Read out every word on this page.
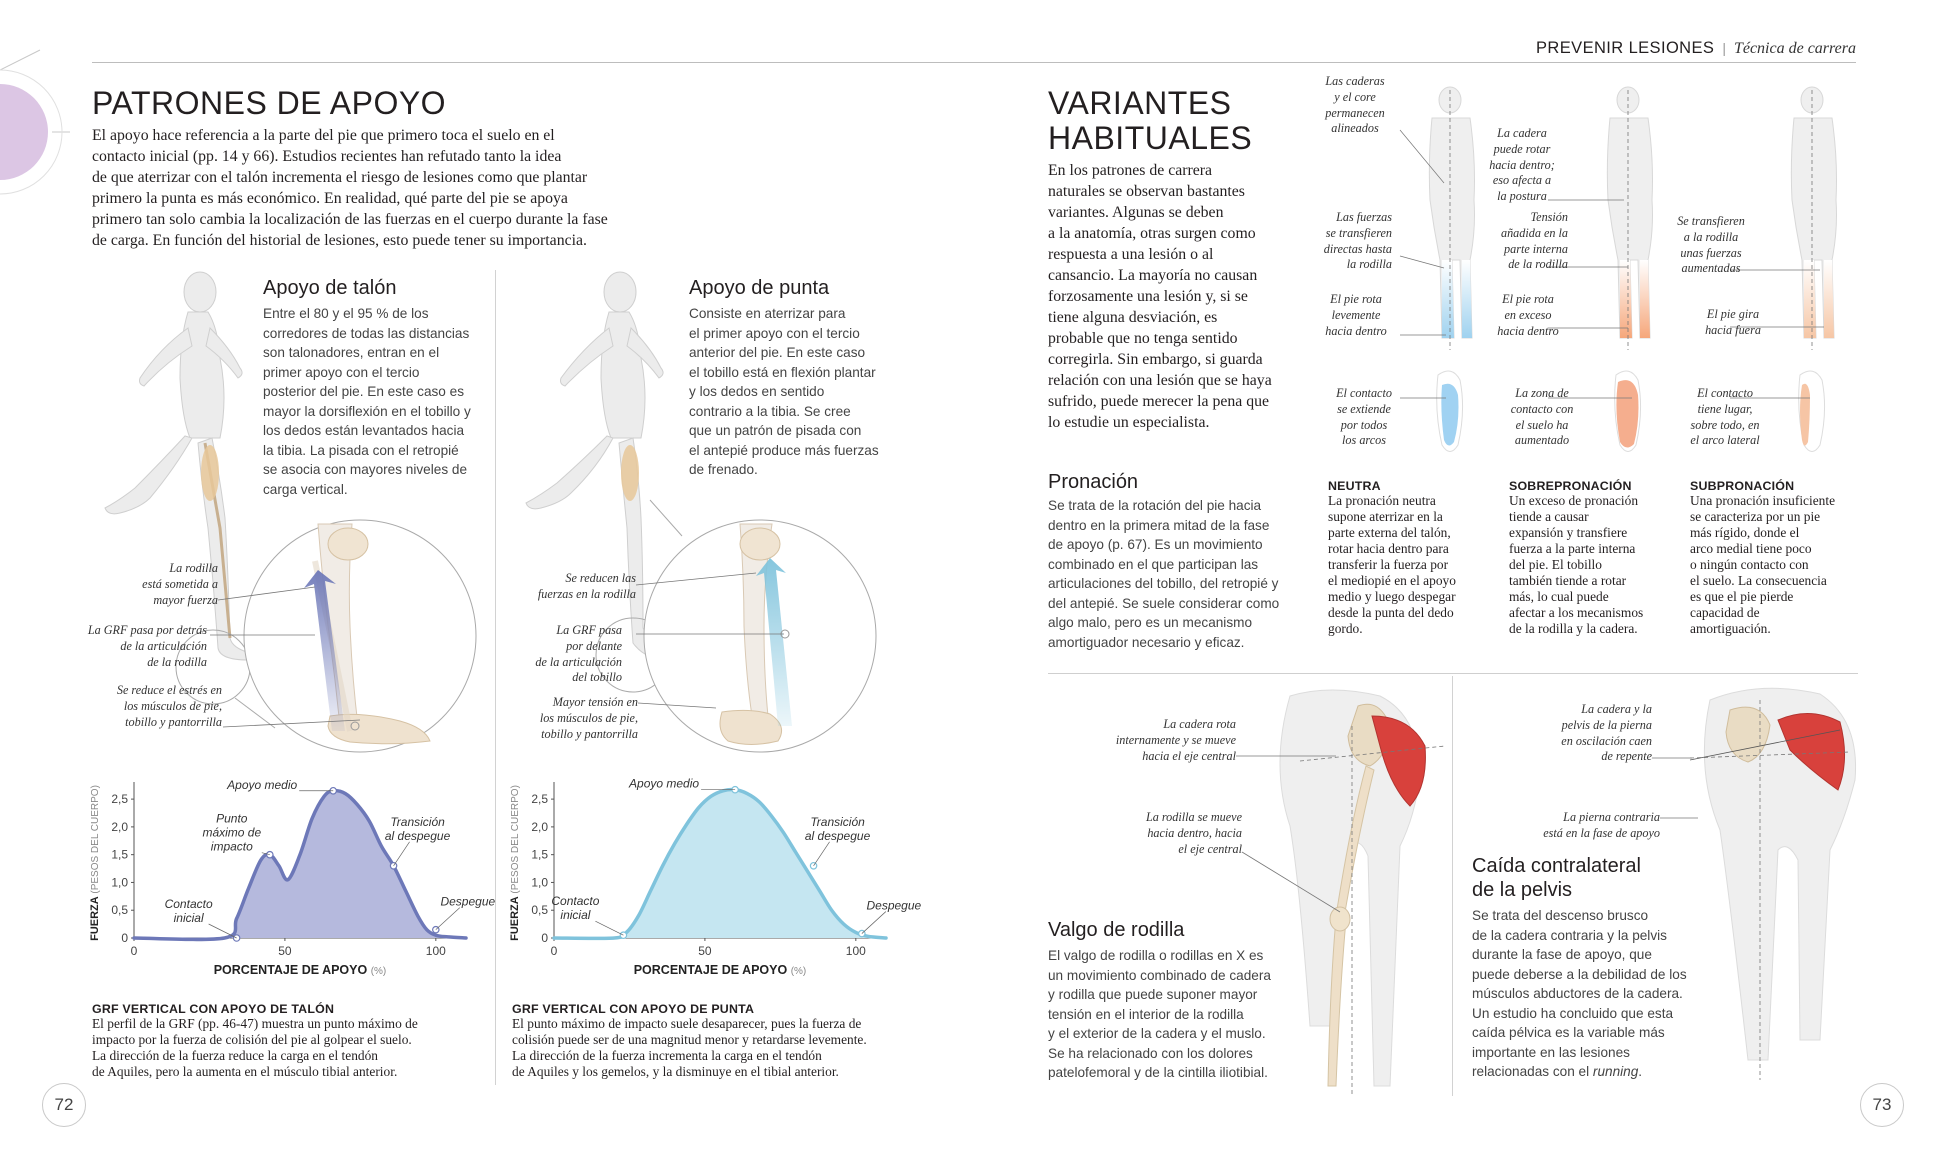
PREVENIR LESIONES | Técnica de carrera
PATRONES DE APOYO

El apoyo hace referencia a la parte del pie que primero toca el suelo en el

contacto inicial (pp. 14 y 66). Estudios recientes han refutado tanto la idea

de que aterrizar con el talón incrementa el riesgo de lesiones como que plantar

primero la punta es más económico. En realidad, qué parte del pie se apoya

primero tan solo cambia la localización de las fuerzas en el cuerpo durante la fase

de carga. En función del historial de lesiones, esto puede tener su importancia.

Apoyo de talón

Entre el 80 y el 95 % de los

corredores de todas las distancias

son talonadores, entran en el

primer apoyo con el tercio

posterior del pie. En este caso es

mayor la dorsiflexión en el tobillo y

los dedos están levantados hacia

la tibia. La pisada con el retropié

se asocia con mayores niveles de

carga vertical.

La rodilla

está sometida a

mayor fuerza

La GRF pasa por detrás

de la articulación

de la rodilla

Se reduce el estrés en

los músculos de pie,

tobillo y pantorrilla

Apoyo de punta

Consiste en aterrizar para

el primer apoyo con el tercio

anterior del pie. En este caso

el tobillo está en flexión plantar

y los dedos en sentido

contrario a la tibia. Se cree

que un patrón de pisada con

el antepié produce más fuerzas

de frenado.

Se reducen las

fuerzas en la rodilla

La GRF pasa

por delante

de la articulación

del tobillo

Mayor tensión en

los músculos de pie,

tobillo y pantorrilla

0
0,5
1,0
1,5
2,0
2,5
0	50	100
PORCENTAJE DE APOYO (%)
FUERZA (PESOS DEL CUERPO)
Apoyo medio
Punto
máximo de
impacto
Transición
al despegue
Contacto
inicial
Despegue
0
0,5
1,0
1,5
2,0
2,5
0	50	100
PORCENTAJE DE APOYO (%)
FUERZA (PESOS DEL CUERPO)
Apoyo medio
Transición
al despegue
Contacto
inicial
Despegue

GRF VERTICAL CON APOYO DE TALÓN

El perfil de la GRF (pp. 46-47) muestra un punto máximo de

impacto por la fuerza de colisión del pie al golpear el suelo.

La dirección de la fuerza reduce la carga en el tendón

de Aquiles, pero la aumenta en el músculo tibial anterior.

GRF VERTICAL CON APOYO DE PUNTA

El punto máximo de impacto suele desaparecer, pues la fuerza de

colisión puede ser de una magnitud menor y retardarse levemente.

La dirección de la fuerza incrementa la carga en el tendón

de Aquiles y los gemelos, y la disminuye en el tibial anterior.

72
VARIANTES
HABITUALES

En los patrones de carrera

naturales se observan bastantes

variantes. Algunas se deben

a la anatomía, otras surgen como

respuesta a una lesión o al

cansancio. La mayoría no causan

forzosamente una lesión y, si se

tiene alguna desviación, es

probable que no tenga sentido

corregirla. Sin embargo, si guarda

relación con una lesión que se haya

sufrido, puede merecer la pena que

lo estudie un especialista.

Las caderas

y el core

permanecen

alineados

Las fuerzas

se transfieren

directas hasta

la rodilla

El pie rota

levemente

hacia dentro

El contacto

se extiende

por todos

los arcos

La cadera

puede rotar

hacia dentro;

eso afecta a

la postura

Tensión

añadida en la

parte interna

de la rodilla

El pie rota

en exceso

hacia dentro

La zona de

contacto con

el suelo ha

aumentado

Se transfieren

a la rodilla

unas fuerzas

aumentadas

El pie gira

hacia fuera

El contacto

tiene lugar,

sobre todo, en

el arco lateral

Pronación

Se trata de la rotación del pie hacia

dentro en la primera mitad de la fase

de apoyo (p. 67). Es un movimiento

combinado en el que participan las

articulaciones del tobillo, del retropié y

del antepié. Se suele considerar como

algo malo, pero es un mecanismo

amortiguador necesario y eficaz.

NEUTRA

La pronación neutra

supone aterrizar en la

parte externa del talón,

rotar hacia dentro para

transferir la fuerza por

el mediopié en el apoyo

medio y luego despegar

desde la punta del dedo

gordo.

SOBREPRONACIÓN

Un exceso de pronación

tiende a causar

expansión y transfiere

fuerza a la parte interna

del pie. El tobillo

también tiende a rotar

más, lo cual puede

afectar a los mecanismos

de la rodilla y la cadera.

SUBPRONACIÓN

Una pronación insuficiente

se caracteriza por un pie

más rígido, donde el

arco medial tiene poco

o ningún contacto con

el suelo. La consecuencia

es que el pie pierde

capacidad de

amortiguación.

La cadera rota

internamente y se mueve

hacia el eje central

La rodilla se mueve

hacia dentro, hacia

el eje central

Valgo de rodilla

El valgo de rodilla o rodillas en X es

un movimiento combinado de cadera

y rodilla que puede suponer mayor

tensión en el interior de la rodilla

y el exterior de la cadera y el muslo.

Se ha relacionado con los dolores

patelofemoral y de la cintilla iliotibial.

La cadera y la

pelvis de la pierna

en oscilación caen

de repente

La pierna contraria

está en la fase de apoyo

Caída contralateral
de la pelvis

Se trata del descenso brusco

de la cadera contraria y la pelvis

durante la fase de apoyo, que

puede deberse a la debilidad de los

músculos abductores de la cadera.

Un estudio ha concluido que esta

caída pélvica es la variable más

importante en las lesiones

relacionadas con el running.

73
